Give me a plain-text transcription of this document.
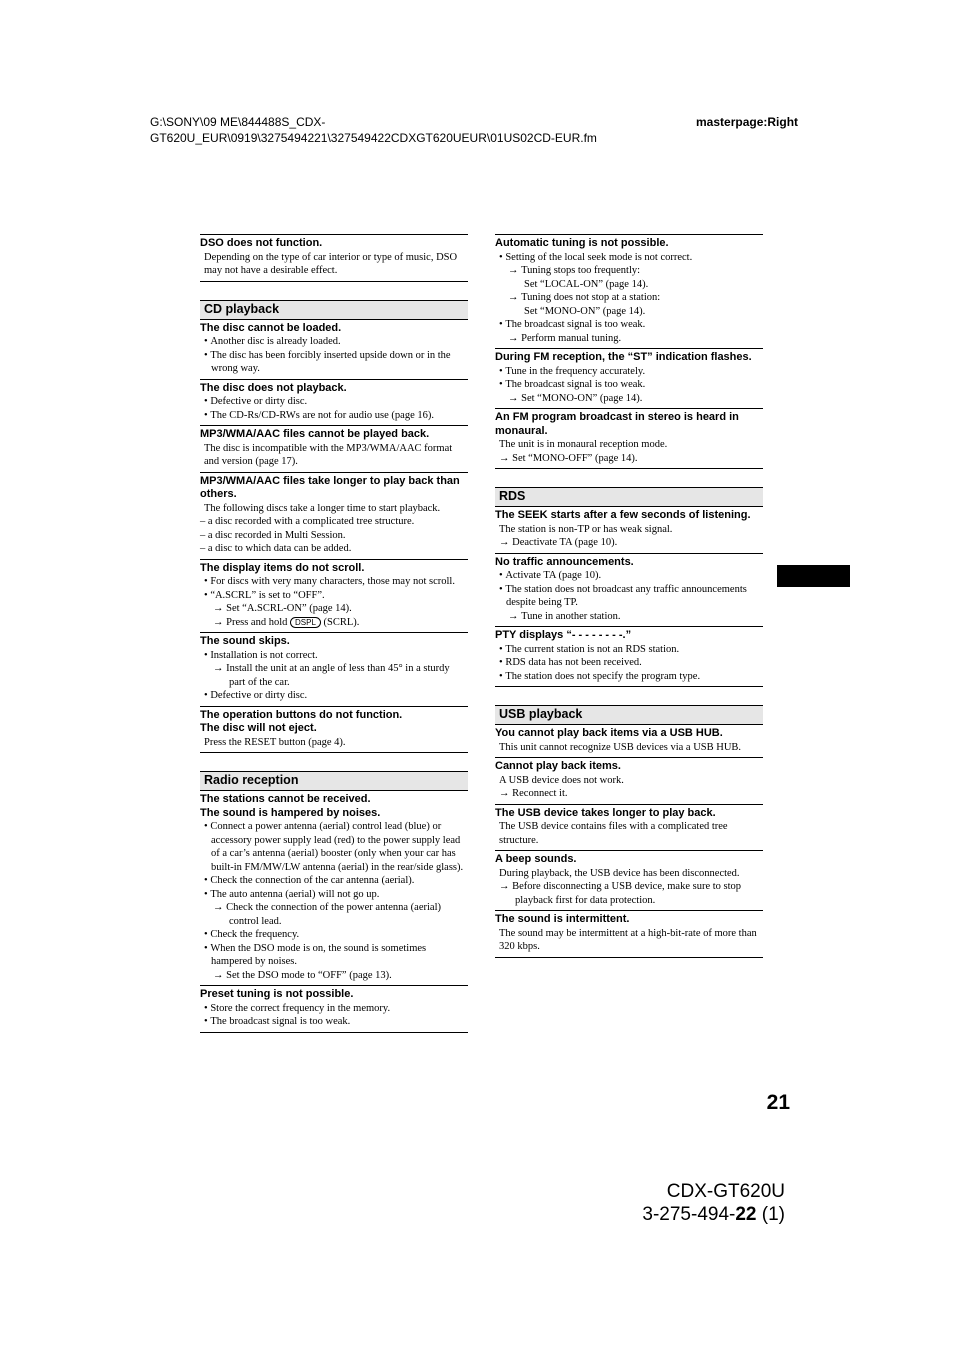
G:\SONY\09 ME\844488S_CDX-GT620U_EUR\0919\3275494221\327549422CDXGT620UEUR\01US02CD-EUR.fm
masterpage:Right
DSO does not function.
Depending on the type of car interior or type of music, DSO may not have a desirable effect.
CD playback
The disc cannot be loaded.
• Another disc is already loaded.
• The disc has been forcibly inserted upside down or in the wrong way.
The disc does not playback.
• Defective or dirty disc.
• The CD-Rs/CD-RWs are not for audio use (page 16).
MP3/WMA/AAC files cannot be played back.
The disc is incompatible with the MP3/WMA/AAC format and version (page 17).
MP3/WMA/AAC files take longer to play back than others.
The following discs take a longer time to start playback.
– a disc recorded with a complicated tree structure.
– a disc recorded in Multi Session.
– a disc to which data can be added.
The display items do not scroll.
• For discs with very many characters, those may not scroll.
• “A.SCRL” is set to “OFF”.
→ Set “A.SCRL-ON” (page 14).
→ Press and hold DSPL (SCRL).
The sound skips.
• Installation is not correct.
→ Install the unit at an angle of less than 45° in a sturdy part of the car.
• Defective or dirty disc.
The operation buttons do not function.
The disc will not eject.
Press the RESET button (page 4).
Radio reception
The stations cannot be received.
The sound is hampered by noises.
• Connect a power antenna (aerial) control lead (blue) or accessory power supply lead (red) to the power supply lead of a car’s antenna (aerial) booster (only when your car has built-in FM/MW/LW antenna (aerial) in the rear/side glass).
• Check the connection of the car antenna (aerial).
• The auto antenna (aerial) will not go up.
→ Check the connection of the power antenna (aerial) control lead.
• Check the frequency.
• When the DSO mode is on, the sound is sometimes hampered by noises.
→ Set the DSO mode to “OFF” (page 13).
Preset tuning is not possible.
• Store the correct frequency in the memory.
• The broadcast signal is too weak.
Automatic tuning is not possible.
• Setting of the local seek mode is not correct.
→ Tuning stops too frequently:
Set “LOCAL-ON” (page 14).
→ Tuning does not stop at a station:
Set “MONO-ON” (page 14).
• The broadcast signal is too weak.
→ Perform manual tuning.
During FM reception, the “ST” indication flashes.
• Tune in the frequency accurately.
• The broadcast signal is too weak.
→ Set “MONO-ON” (page 14).
An FM program broadcast in stereo is heard in monaural.
The unit is in monaural reception mode.
→ Set “MONO-OFF” (page 14).
RDS
The SEEK starts after a few seconds of listening.
The station is non-TP or has weak signal.
→ Deactivate TA (page 10).
No traffic announcements.
• Activate TA (page 10).
• The station does not broadcast any traffic announcements despite being TP.
→ Tune in another station.
PTY displays “- - - - - - - -.”
• The current station is not an RDS station.
• RDS data has not been received.
• The station does not specify the program type.
USB playback
You cannot play back items via a USB HUB.
This unit cannot recognize USB devices via a USB HUB.
Cannot play back items.
A USB device does not work.
→ Reconnect it.
The USB device takes longer to play back.
The USB device contains files with a complicated tree structure.
A beep sounds.
During playback, the USB device has been disconnected.
→ Before disconnecting a USB device, make sure to stop playback first for data protection.
The sound is intermittent.
The sound may be intermittent at a high-bit-rate of more than 320 kbps.
21
CDX-GT620U
3-275-494-22 (1)
